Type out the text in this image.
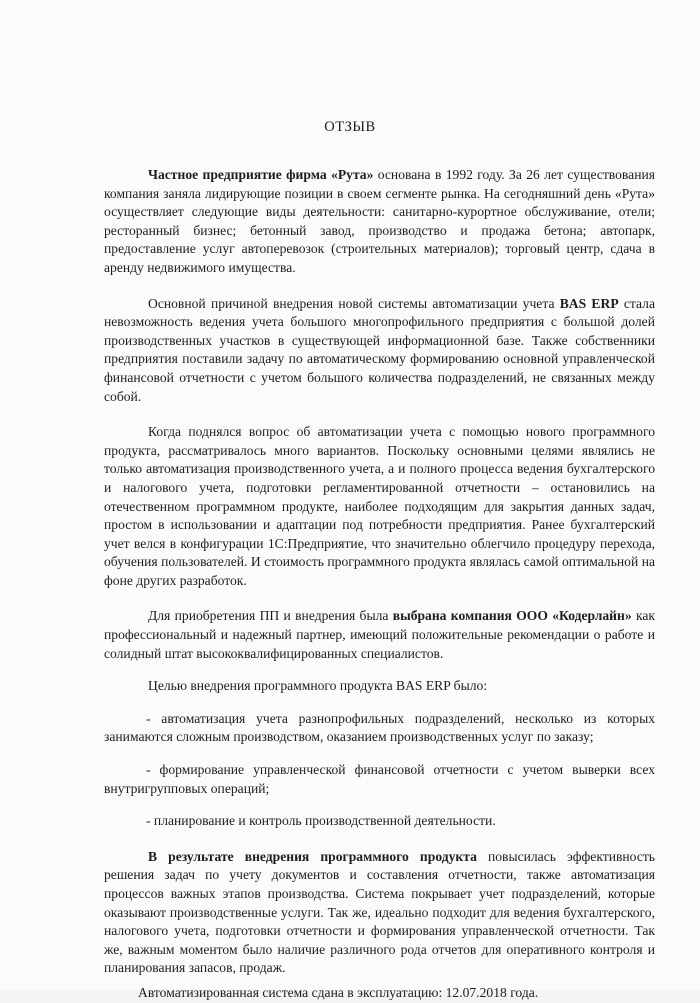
ОТЗЫВ

Частное предприятие фирма «Рута» основана в 1992 году. За 26 лет существования компания заняла лидирующие позиции в своем сегменте рынка. На сегодняшний день «Рута» осуществляет следующие виды деятельности: санитарно-курортное обслуживание, отели; ресторанный бизнес; бетонный завод, производство и продажа бетона; автопарк, предоставление услуг автоперевозок (строительных материалов); торговый центр, сдача в аренду недвижимого имущества.

Основной причиной внедрения новой системы автоматизации учета BAS ERP стала невозможность ведения учета большого многопрофильного предприятия с большой долей производственных участков в существующей информационной базе. Также собственники предприятия поставили задачу по автоматическому формированию основной управленческой финансовой отчетности с учетом большого количества подразделений, не связанных между собой.

Когда поднялся вопрос об автоматизации учета с помощью нового программного продукта, рассматривалось много вариантов. Поскольку основными целями являлись не только автоматизация производственного учета, а и полного процесса ведения бухгалтерского и налогового учета, подготовки регламентированной отчетности – остановились на отечественном программном продукте, наиболее подходящим для закрытия данных задач, простом в использовании и адаптации под потребности предприятия. Ранее бухгалтерский учет велся в конфигурации 1С:Предприятие, что значительно облегчило процедуру перехода, обучения пользователей. И стоимость программного продукта являлась самой оптимальной на фоне других разработок.

Для приобретения ПП и внедрения была выбрана компания ООО «Кодерлайн» как профессиональный и надежный партнер, имеющий положительные рекомендации о работе и солидный штат высококвалифицированных специалистов.

Целью внедрения программного продукта BAS ERP было:

- автоматизация учета разнопрофильных подразделений, несколько из которых занимаются сложным производством, оказанием производственных услуг по заказу;

- формирование управленческой финансовой отчетности с учетом выверки всех внутригрупповых операций;

- планирование и контроль производственной деятельности.

В результате внедрения программного продукта повысилась эффективность решения задач по учету документов и составления отчетности, также автоматизация процессов важных этапов производства. Система покрывает учет подразделений, которые оказывают производственные услуги. Так же, идеально подходит для ведения бухгалтерского, налогового учета, подготовки отчетности и формирования управленческой отчетности. Так же, важным моментом было наличие различного рода отчетов для оперативного контроля и планирования запасов, продаж.

Автоматизированная система сдана в эксплуатацию: 12.07.2018 года.
